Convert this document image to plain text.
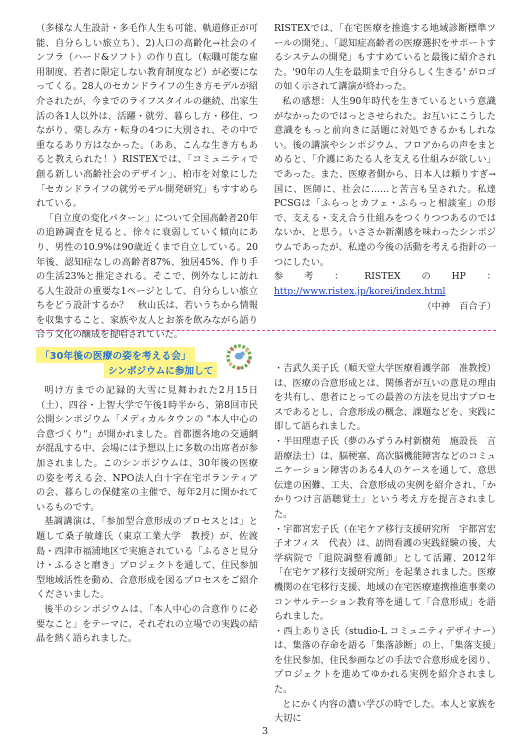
（多様な人生設計・多毛作人生も可能、軌道修正が可能、自分らしい旅立ち）、2)人口の高齢化→社会のインフラ（ハード&ソフト）の作り直し（転職可能な雇用制度、若者に限定しない教育制度など）が必要になってくる。28人のセカンドライフの生き方モデルが紹介されたが、今までのライフスタイルの継続、出家生活の各1人以外は、活躍・就労、暮らし方・移住、つながり、楽しみ方・転身の4つに大別され、その中で重なるあり方はなかった。（ああ、こんな生き方もあると教えられた！）RISTEXでは、「コミュニティで創る新しい高齢社会のデザイン」、柏市を対象にした「セカンドライフの就労モデル開発研究」もすすめられている。

「自立度の変化パターン」について全国高齢者20年の追跡調査を見ると、徐々に衰弱していく傾向にあり、男性の10.9%は90歳近くまで自立している。20年後、認知症なしの高齢者87%、独居45%、作り手の生活23%と推定される。そこで、例外なしに訪れる人生設計の重要な1ページとして、自分らしい旅立ちをどう設計するか？　秋山氏は、若いうちから情報を収集すること、家族や友人とお茶を飲みながら語り合う文化の醸成を提唱されていた。

RISTEXでは、「在宅医療を推進する地域診断標準ツールの開発」、「認知症高齢者の医療選択をサポートするシステムの開発」もすすめていると最後に紹介された。'90年の人生を最期まで自分らしく生きる' がロゴの如く示されて講演が終わった。

私の感想：人生90年時代を生きているという意識がなかったのではっとさせられた。お互いにこうした意識をもっと前向きに話題に対処できるかもしれない。後の講演やシンポジウム、フロアからの声をまとめると、「介護にあたる人を支える仕組みが欲しい」であった。また、医療者側から、日本人は頼りすぎ→国に、医師に、社会に……と苦言も呈された。私達PCSGは「ふらっとカフェ・ふらっと相談室」の形で、支える・支え合う仕組みをつくりつつあるのではないか、と思う。いささか新潮感を味わったシンポジウムであったが、私達の今後の活動を考える指針の一つにしたい。

参考：RISTEXのHP：http://www.ristex.jp/korei/index.html

（中神　百合子）
「30年後の医療の姿を考える会」
シンポジウムに参加して

明け方までの記録的大雪に見舞われた2月15日（土）、四谷・上智大学で午後1時半から、第8回市民公開シンポジウム「メディカルタウンの "本人中心の合意づくり"」が開かれました。首都圏各地の交通網が混乱する中、会場には予想以上に多数の出席者が参加されました。このシンポジウムは、30年後の医療の姿を考える会、NPO法人白十字在宅ボランティアの会、暮らしの保健室の主催で、毎年2月に開かれているものです。

基調講演は、「参加型合意形成のプロセスとは」と題して桑子敏雄氏（東京工業大学　教授）が、佐渡島・西津市福浦地区で実施されている「ふるさと見分け・ふるさと磨き」プロジェクトを通して、住民参加型地域活性を動め、合意形成を図るプロセスをご紹介くださいました。

後半のシンポジウムは、「本人中心の合意作りに必要なこと」をテーマに、それぞれの立場での実践の結晶を熱く語られました。

・吉武久美子氏（順天堂大学医療看護学部　准教授）は、医療の合意形成とは、関係者が互いの意見の理由を共有し、患者にとっての最善の方法を見出すプロセスであるとし、合意形成の概念、課題などを、実践に即して語られました。

・半田理恵子氏（夢のみずうみ村新樹苑　施設長　言語療法士）は、脳梗塞、高次脳機能障害などのコミュニケーション障害のある4人のケースを通して、意思伝達の困難、工夫、合意形成の実例を紹介され、「かかりつけ言語聴覚士」という考え方を提言されました。

・宇都宮宏子氏（在宅ケア移行支援研究所　宇都宮宏子オフィス　代表）は、訪問看護の実践経験の後、大学病院で「退院調整看護師」として活躍、2012年「在宅ケア移行支援研究所」を起業されました。医療機関の在宅移行支援、地域の在宅医療連携推進事業のコンサルテーション教育等を通して「合意形成」を語られました。

・西上ありさ氏（studio-L コミュニティデザイナー）は、集落の存命を語る「集落診断」の上、「集落支援」を住民参加、住民参画などの手法で合意形成を図り、プロジェクトを進めてゆかれる実例を紹介されました。

とにかく内容の濃い学びの時でした。本人と家族を大切に

3
